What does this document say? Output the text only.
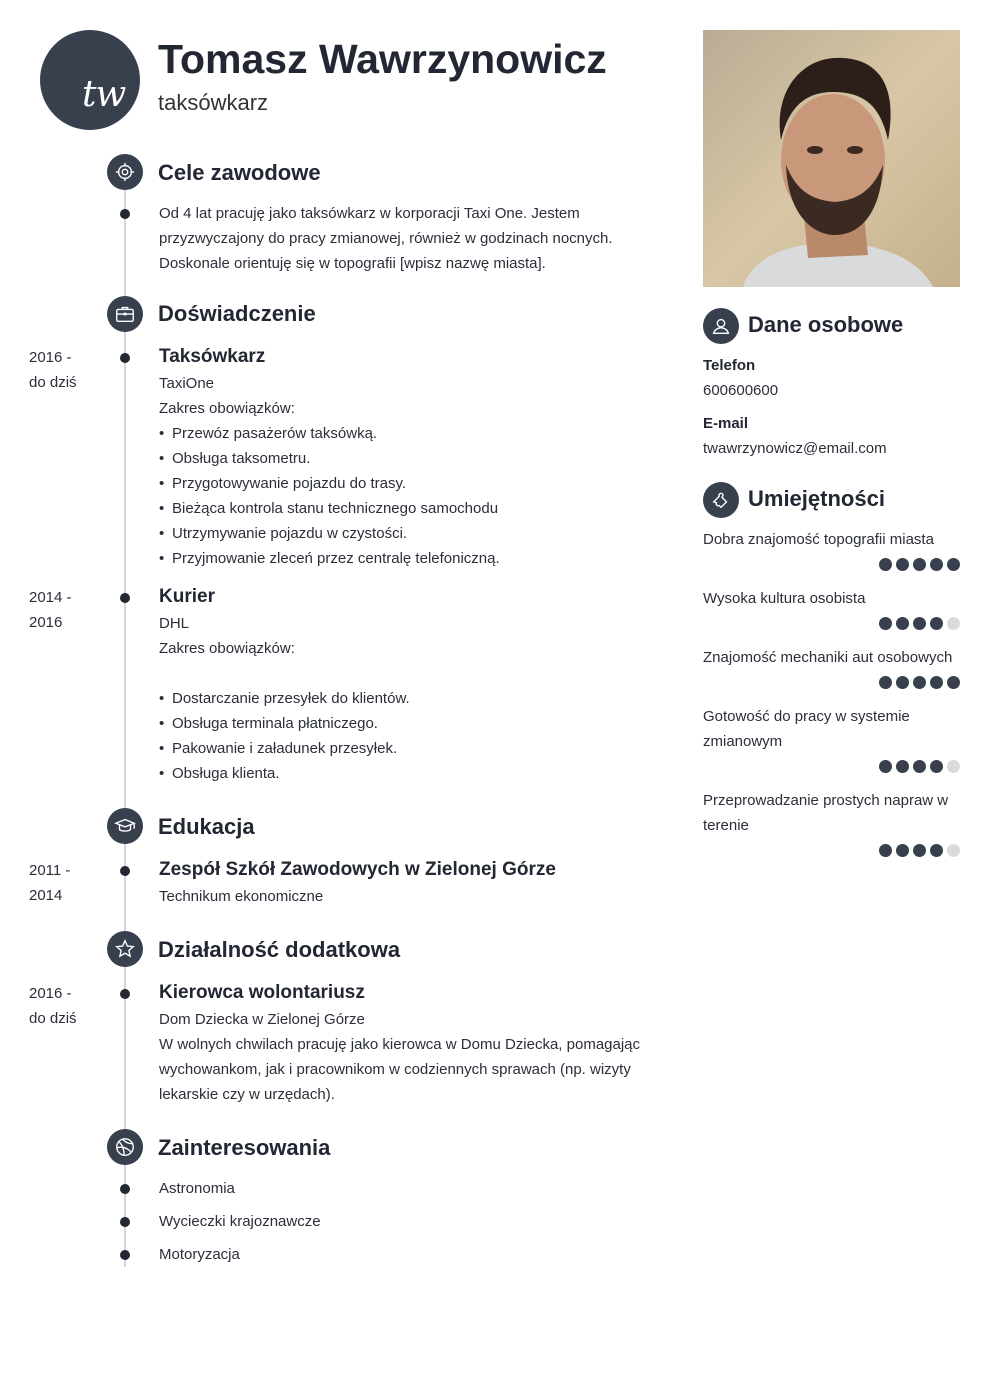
tw
Tomasz Wawrzynowicz
taksówkarz
Cele zawodowe
Od 4 lat pracuję jako taksówkarz w korporacji Taxi One. Jestem przyzwyczajony do pracy zmianowej, również w godzinach nocnych. Doskonale orientuję się w topografii [wpisz nazwę miasta].
Doświadczenie
2016 -
do dziś
Taksówkarz
TaxiOne
Zakres obowiązków:
• Przewóz pasażerów taksówką.
• Obsługa taksometru.
• Przygotowywanie pojazdu do trasy.
• Bieżąca kontrola stanu technicznego samochodu
• Utrzymywanie pojazdu w czystości.
• Przyjmowanie zleceń przez centralę telefoniczną.
2014 -
2016
Kurier
DHL
Zakres obowiązków:
• Dostarczanie przesyłek do klientów.
• Obsługa terminala płatniczego.
• Pakowanie i załadunek przesyłek.
• Obsługa klienta.
Edukacja
2011 -
2014
Zespół Szkół Zawodowych w Zielonej Górze
Technikum ekonomiczne
Działalność dodatkowa
2016 -
do dziś
Kierowca wolontariusz
Dom Dziecka w Zielonej Górze
W wolnych chwilach pracuję jako kierowca w Domu Dziecka, pomagając wychowankom, jak i pracownikom w codziennych sprawach (np. wizyty lekarskie czy w urzędach).
Zainteresowania
Astronomia
Wycieczki krajoznawcze
Motoryzacja
Dane osobowe
Telefon
600600600
E-mail
twawrzynowicz@email.com
Umiejętności
Dobra znajomość topografii miasta
Wysoka kultura osobista
Znajomość mechaniki aut osobowych
Gotowość do pracy w systemie zmianowym
Przeprowadzanie prostych napraw w terenie
